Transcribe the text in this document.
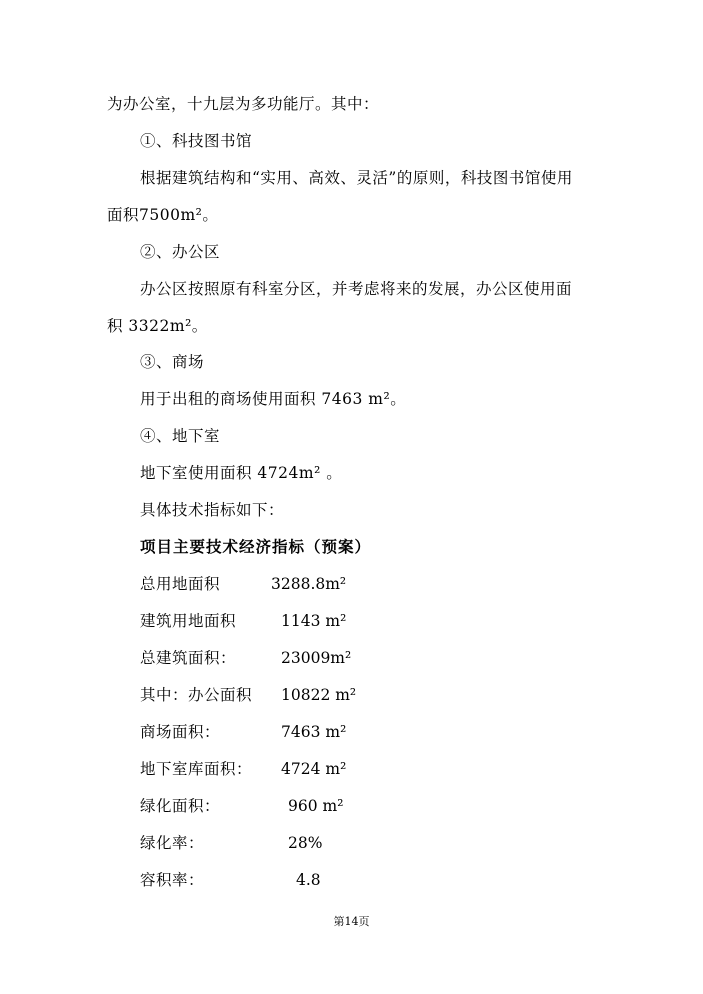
为办公室，十九层为多功能厅。其中：
①、科技图书馆
根据建筑结构和“实用、高效、灵活”的原则，科技图书馆使用
面积7500m²。
②、办公区
办公区按照原有科室分区，并考虑将来的发展，办公区使用面
积 3322m²。
③、商场
用于出租的商场使用面积 7463 m²。
④、地下室
地下室使用面积 4724m² 。
具体技术指标如下：
项目主要技术经济指标（预案）
总用地面积	3288.8m²
建筑用地面积	1143 m²
总建筑面积：	23009m²
其中：办公面积 10822 m²
商场面积：	7463 m²
地下室库面积： 4724 m²
绿化面积：	960 m²
绿化率：	28%
容积率：	4.8
第14页
